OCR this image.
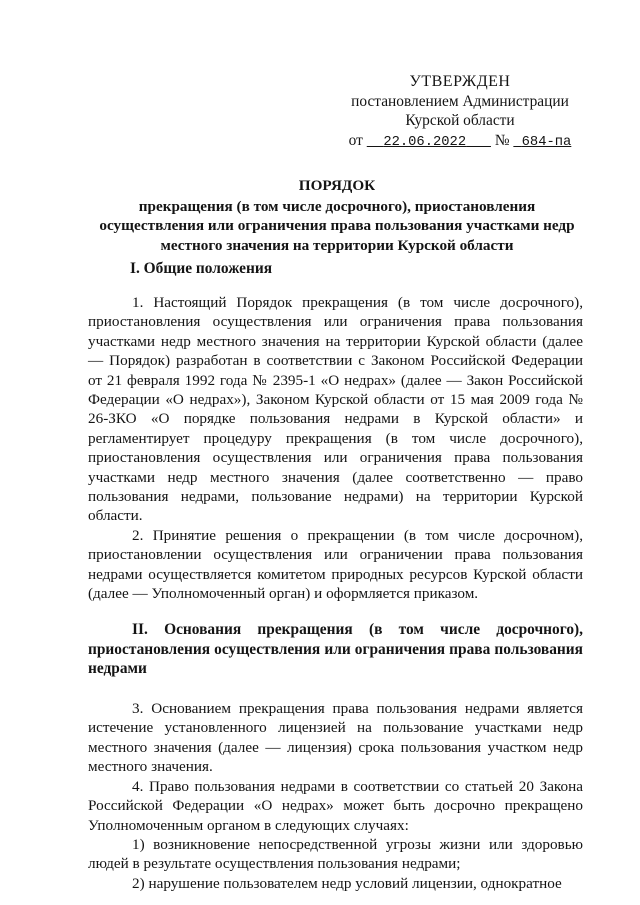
УТВЕРЖДЕН
постановлением Администрации
Курской области
от 22.06.2022 № 684-па
ПОРЯДОК
прекращения (в том числе досрочного), приостановления осуществления или ограничения права пользования участками недр местного значения на территории Курской области
I. Общие положения

1. Настоящий Порядок прекращения (в том числе досрочного), приостановления осуществления или ограничения права пользования участками недр местного значения на территории Курской области (далее — Порядок) разработан в соответствии с Законом Российской Федерации от 21 февраля 1992 года № 2395-1 «О недрах» (далее — Закон Российской Федерации «О недрах»), Законом Курской области от 15 мая 2009 года № 26-ЗКО «О порядке пользования недрами в Курской области» и регламентирует процедуру прекращения (в том числе досрочного), приостановления осуществления или ограничения права пользования участками недр местного значения (далее соответственно — право пользования недрами, пользование недрами) на территории Курской области.

2. Принятие решения о прекращении (в том числе досрочном), приостановлении осуществления или ограничении права пользования недрами осуществляется комитетом природных ресурсов Курской области (далее — Уполномоченный орган) и оформляется приказом.

II. Основания прекращения (в том числе досрочного), приостановления осуществления или ограничения права пользования недрами

3. Основанием прекращения права пользования недрами является истечение установленного лицензией на пользование участками недр местного значения (далее — лицензия) срока пользования участком недр местного значения.

4. Право пользования недрами в соответствии со статьей 20 Закона Российской Федерации «О недрах» может быть досрочно прекращено Уполномоченным органом в следующих случаях:

1) возникновение непосредственной угрозы жизни или здоровью людей в результате осуществления пользования недрами;

2) нарушение пользователем недр условий лицензии, однократное
